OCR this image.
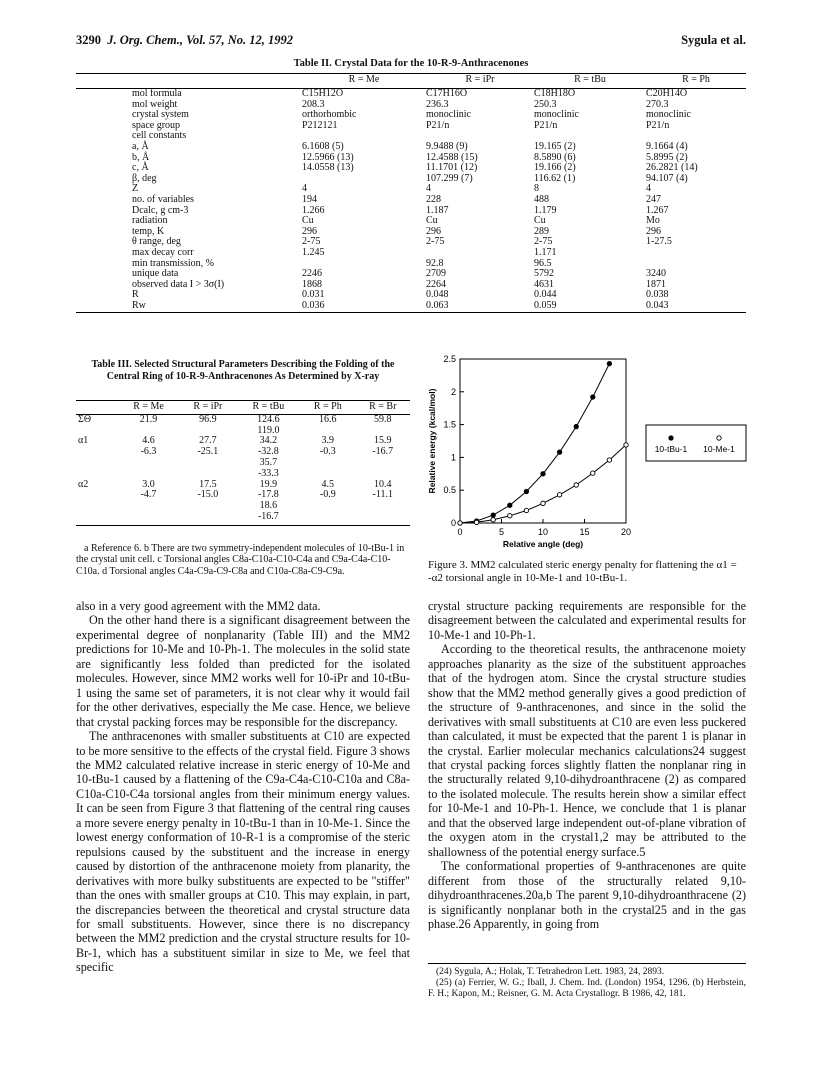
3290 J. Org. Chem., Vol. 57, No. 12, 1992	Sygula et al.
Table II. Crystal Data for the 10-R-9-Anthracenones
	R = Me	R = iPr	R = tBu	R = Ph
mol formula	C15H12O	C17H16O	C18H18O	C20H14O
mol weight	208.3	236.3	250.3	270.3
crystal system	orthorhombic	monoclinic	monoclinic	monoclinic
space group	P212121	P21/n	P21/n	P21/n
cell constants				
a, Å	6.1608 (5)	9.9488 (9)	19.165 (2)	9.1664 (4)
b, Å	12.5966 (13)	12.4588 (15)	8.5890 (6)	5.8995 (2)
c, Å	14.0558 (13)	11.1701 (12)	19.166 (2)	26.2821 (14)
β, deg		107.299 (7)	116.62 (1)	94.107 (4)
Z	4	4	8	4
no. of variables	194	228	488	247
Dcalc, g cm-3	1.266	1.187	1.179	1.267
radiation	Cu	Cu	Cu	Mo
temp, K	296	296	289	296
θ range, deg	2-75	2-75	2-75	1-27.5
max decay corr	1.245		1.171	
min transmission, %		92.8	96.5	
unique data	2246	2709	5792	3240
observed data I > 3σ(I)	1868	2264	4631	1871
R	0.031	0.048	0.044	0.038
Rw	0.036	0.063	0.059	0.043
Table III. Selected Structural Parameters Describing the Folding of the Central Ring of 10-R-9-Anthracenones As Determined by X-ray
	R = Me	R = iPr	R = tBu	R = Ph	R = Br
ΣΘ	21.9	96.9	124.6	16.6	59.8
			119.0		
α1	4.6	27.7	34.2	3.9	15.9
	-6.3	-25.1	-32.8	-0.3	-16.7
			35.7		
			-33.3		
α2	3.0	17.5	19.9	4.5	10.4
	-4.7	-15.0	-17.8	-0.9	-11.1
			18.6		
			-16.7		
a Reference 6. b There are two symmetry-independent molecules of 10-tBu-1 in the crystal unit cell. c Torsional angles C8a-C10a-C10-C4a and C9a-C4a-C10-C10a. d Torsional angles C4a-C9a-C9-C8a and C10a-C8a-C9-C9a.
0	5	10	15	20
0
0.5
1
1.5
2
2.5
Relative angle (deg)
Relative energy (kcal/mol)	10-tBu-1 10-Me-1
Figure 3. MM2 calculated steric energy penalty for flattening the α1 = -α2 torsional angle in 10-Me-1 and 10-tBu-1.

also in a very good agreement with the MM2 data.

On the other hand there is a significant disagreement between the experimental degree of nonplanarity (Table III) and the MM2 predictions for 10-Me and 10-Ph-1. The molecules in the solid state are significantly less folded than predicted for the isolated molecules. However, since MM2 works well for 10-iPr and 10-tBu-1 using the same set of parameters, it is not clear why it would fail for the other derivatives, especially the Me case. Hence, we believe that crystal packing forces may be responsible for the discrepancy.

The anthracenones with smaller substituents at C10 are expected to be more sensitive to the effects of the crystal field. Figure 3 shows the MM2 calculated relative increase in steric energy of 10-Me and 10-tBu-1 caused by a flattening of the C9a-C4a-C10-C10a and C8a-C10a-C10-C4a torsional angles from their minimum energy values. It can be seen from Figure 3 that flattening of the central ring causes a more severe energy penalty in 10-tBu-1 than in 10-Me-1. Since the lowest energy conformation of 10-R-1 is a compromise of the steric repulsions caused by the substituent and the increase in energy caused by distortion of the anthracenone moiety from planarity, the derivatives with more bulky substituents are expected to be "stiffer" than the ones with smaller groups at C10. This may explain, in part, the discrepancies between the theoretical and crystal structure data for small substituents. However, since there is no discrepancy between the MM2 prediction and the crystal structure results for 10-Br-1, which has a substituent similar in size to Me, we feel that specific

crystal structure packing requirements are responsible for the disagreement between the calculated and experimental results for 10-Me-1 and 10-Ph-1.

According to the theoretical results, the anthracenone moiety approaches planarity as the size of the substituent approaches that of the hydrogen atom. Since the crystal structure studies show that the MM2 method generally gives a good prediction of the structure of 9-anthracenones, and since in the solid the derivatives with small substituents at C10 are even less puckered than calculated, it must be expected that the parent 1 is planar in the crystal. Earlier molecular mechanics calculations24 suggest that crystal packing forces slightly flatten the nonplanar ring in the structurally related 9,10-dihydroanthracene (2) as compared to the isolated molecule. The results herein show a similar effect for 10-Me-1 and 10-Ph-1. Hence, we conclude that 1 is planar and that the observed large independent out-of-plane vibration of the oxygen atom in the crystal1,2 may be attributed to the shallowness of the potential energy surface.5

The conformational properties of 9-anthracenones are quite different from those of the structurally related 9,10-dihydroanthracenes.20a,b The parent 9,10-dihydroanthracene (2) is significantly nonplanar both in the crystal25 and in the gas phase.26 Apparently, in going from

(24) Sygula, A.; Holak, T. Tetrahedron Lett. 1983, 24, 2893.

(25) (a) Ferrier, W. G.; Iball, J. Chem. Ind. (London) 1954, 1296. (b) Herbstein, F. H.; Kapon, M.; Reisner, G. M. Acta Crystallogr. B 1986, 42, 181.
